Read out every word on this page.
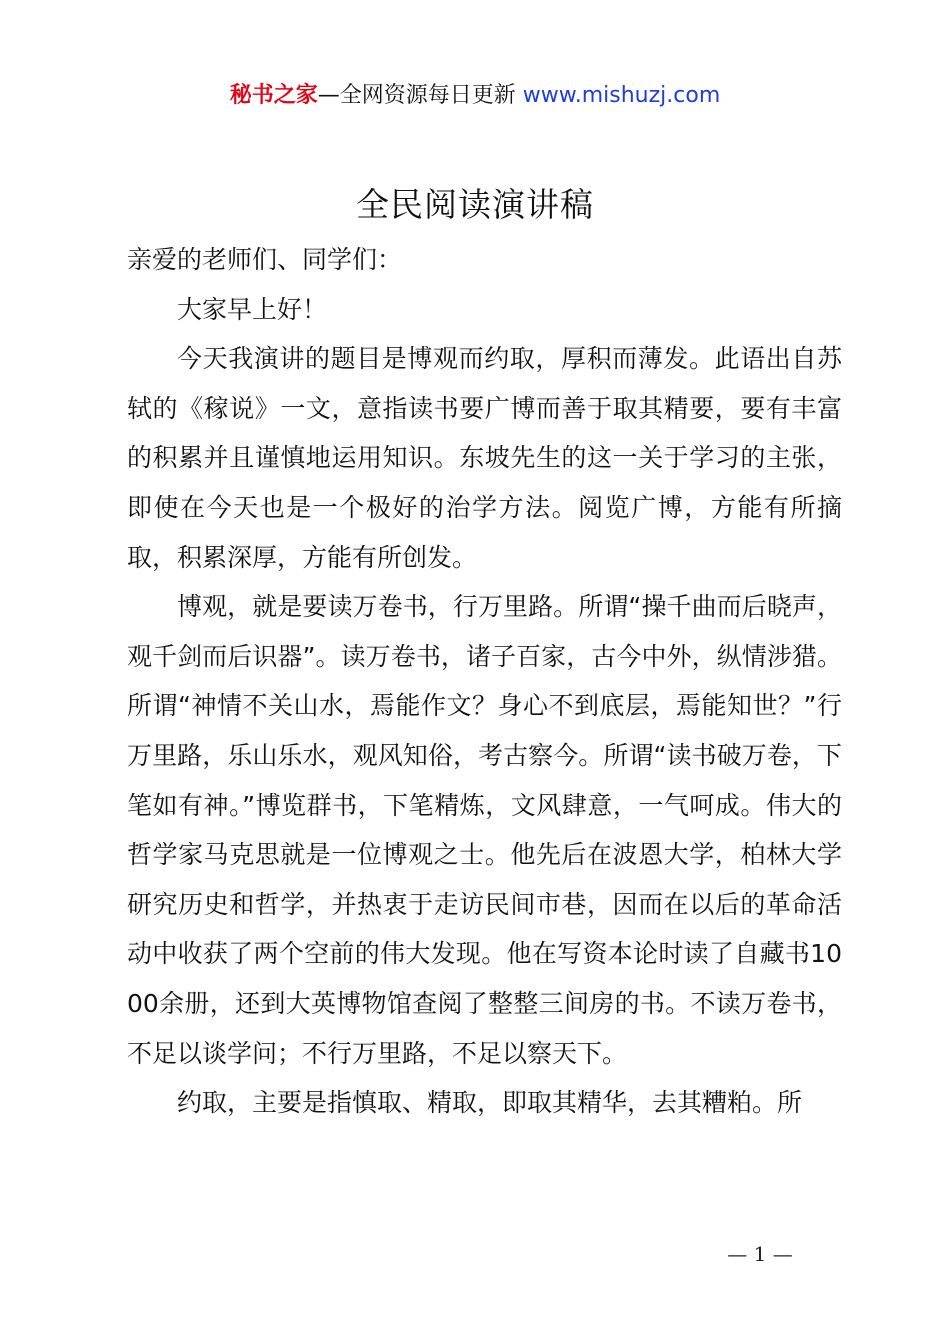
秘书之家—全网资源每日更新 www.mishuzj.com
全民阅读演讲稿

亲爱的老师们、同学们：

大家早上好！

今天我演讲的题目是博观而约取，厚积而薄发。此语出自苏轼的《稼说》一文，意指读书要广博而善于取其精要，要有丰富的积累并且谨慎地运用知识。东坡先生的这一关于学习的主张，即使在今天也是一个极好的治学方法。阅览广博，方能有所摘取，积累深厚，方能有所创发。

博观，就是要读万卷书，行万里路。所谓“操千曲而后晓声，观千剑而后识器”。读万卷书，诸子百家，古今中外，纵情涉猎。所谓“神情不关山水，焉能作文？身心不到底层，焉能知世？”行万里路，乐山乐水，观风知俗，考古察今。所谓“读书破万卷，下笔如有神。”博览群书，下笔精炼，文风肆意，一气呵成。伟大的哲学家马克思就是一位博观之士。他先后在波恩大学，柏林大学研究历史和哲学，并热衷于走访民间市巷，因而在以后的革命活动中收获了两个空前的伟大发现。他在写资本论时读了自藏书1000余册，还到大英博物馆查阅了整整三间房的书。不读万卷书，不足以谈学问；不行万里路，不足以察天下。

约取，主要是指慎取、精取，即取其精华，去其糟粕。所

— 1 —
